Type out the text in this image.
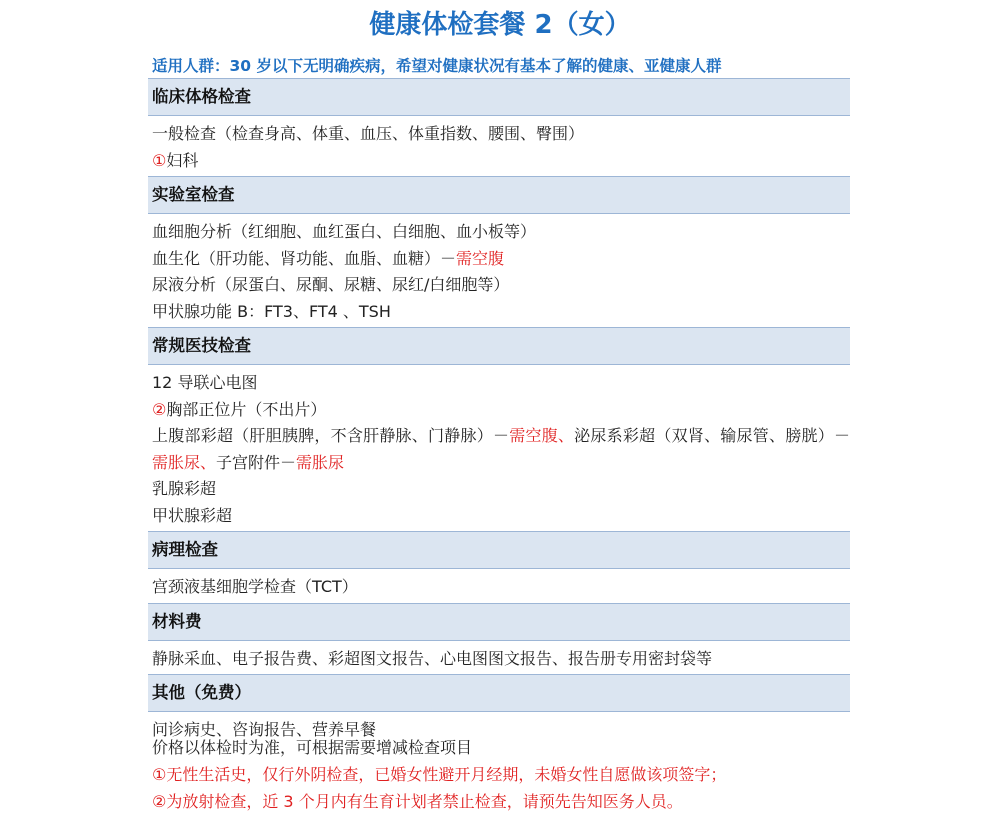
健康体检套餐 2（女）
适用人群：30 岁以下无明确疾病，希望对健康状况有基本了解的健康、亚健康人群
临床体格检查
一般检查（检查身高、体重、血压、体重指数、腰围、臀围）
①妇科
实验室检查
血细胞分析（红细胞、血红蛋白、白细胞、血小板等）
血生化（肝功能、肾功能、血脂、血糖）－需空腹
尿液分析（尿蛋白、尿酮、尿糖、尿红/白细胞等）
甲状腺功能 B：FT3、FT4 、TSH
常规医技检查
12 导联心电图
②胸部正位片（不出片）
上腹部彩超（肝胆胰脾，不含肝静脉、门静脉）－需空腹、泌尿系彩超（双肾、输尿管、膀胱）－需胀尿、子宫附件－需胀尿
乳腺彩超
甲状腺彩超
病理检查
宫颈液基细胞学检查（TCT）
材料费
静脉采血、电子报告费、彩超图文报告、心电图图文报告、报告册专用密封袋等
其他（免费）
问诊病史、咨询报告、营养早餐
价格以体检时为准，可根据需要增减检查项目
①无性生活史，仅行外阴检查，已婚女性避开月经期，未婚女性自愿做该项签字；
②为放射检查，近 3 个月内有生育计划者禁止检查，请预先告知医务人员。
